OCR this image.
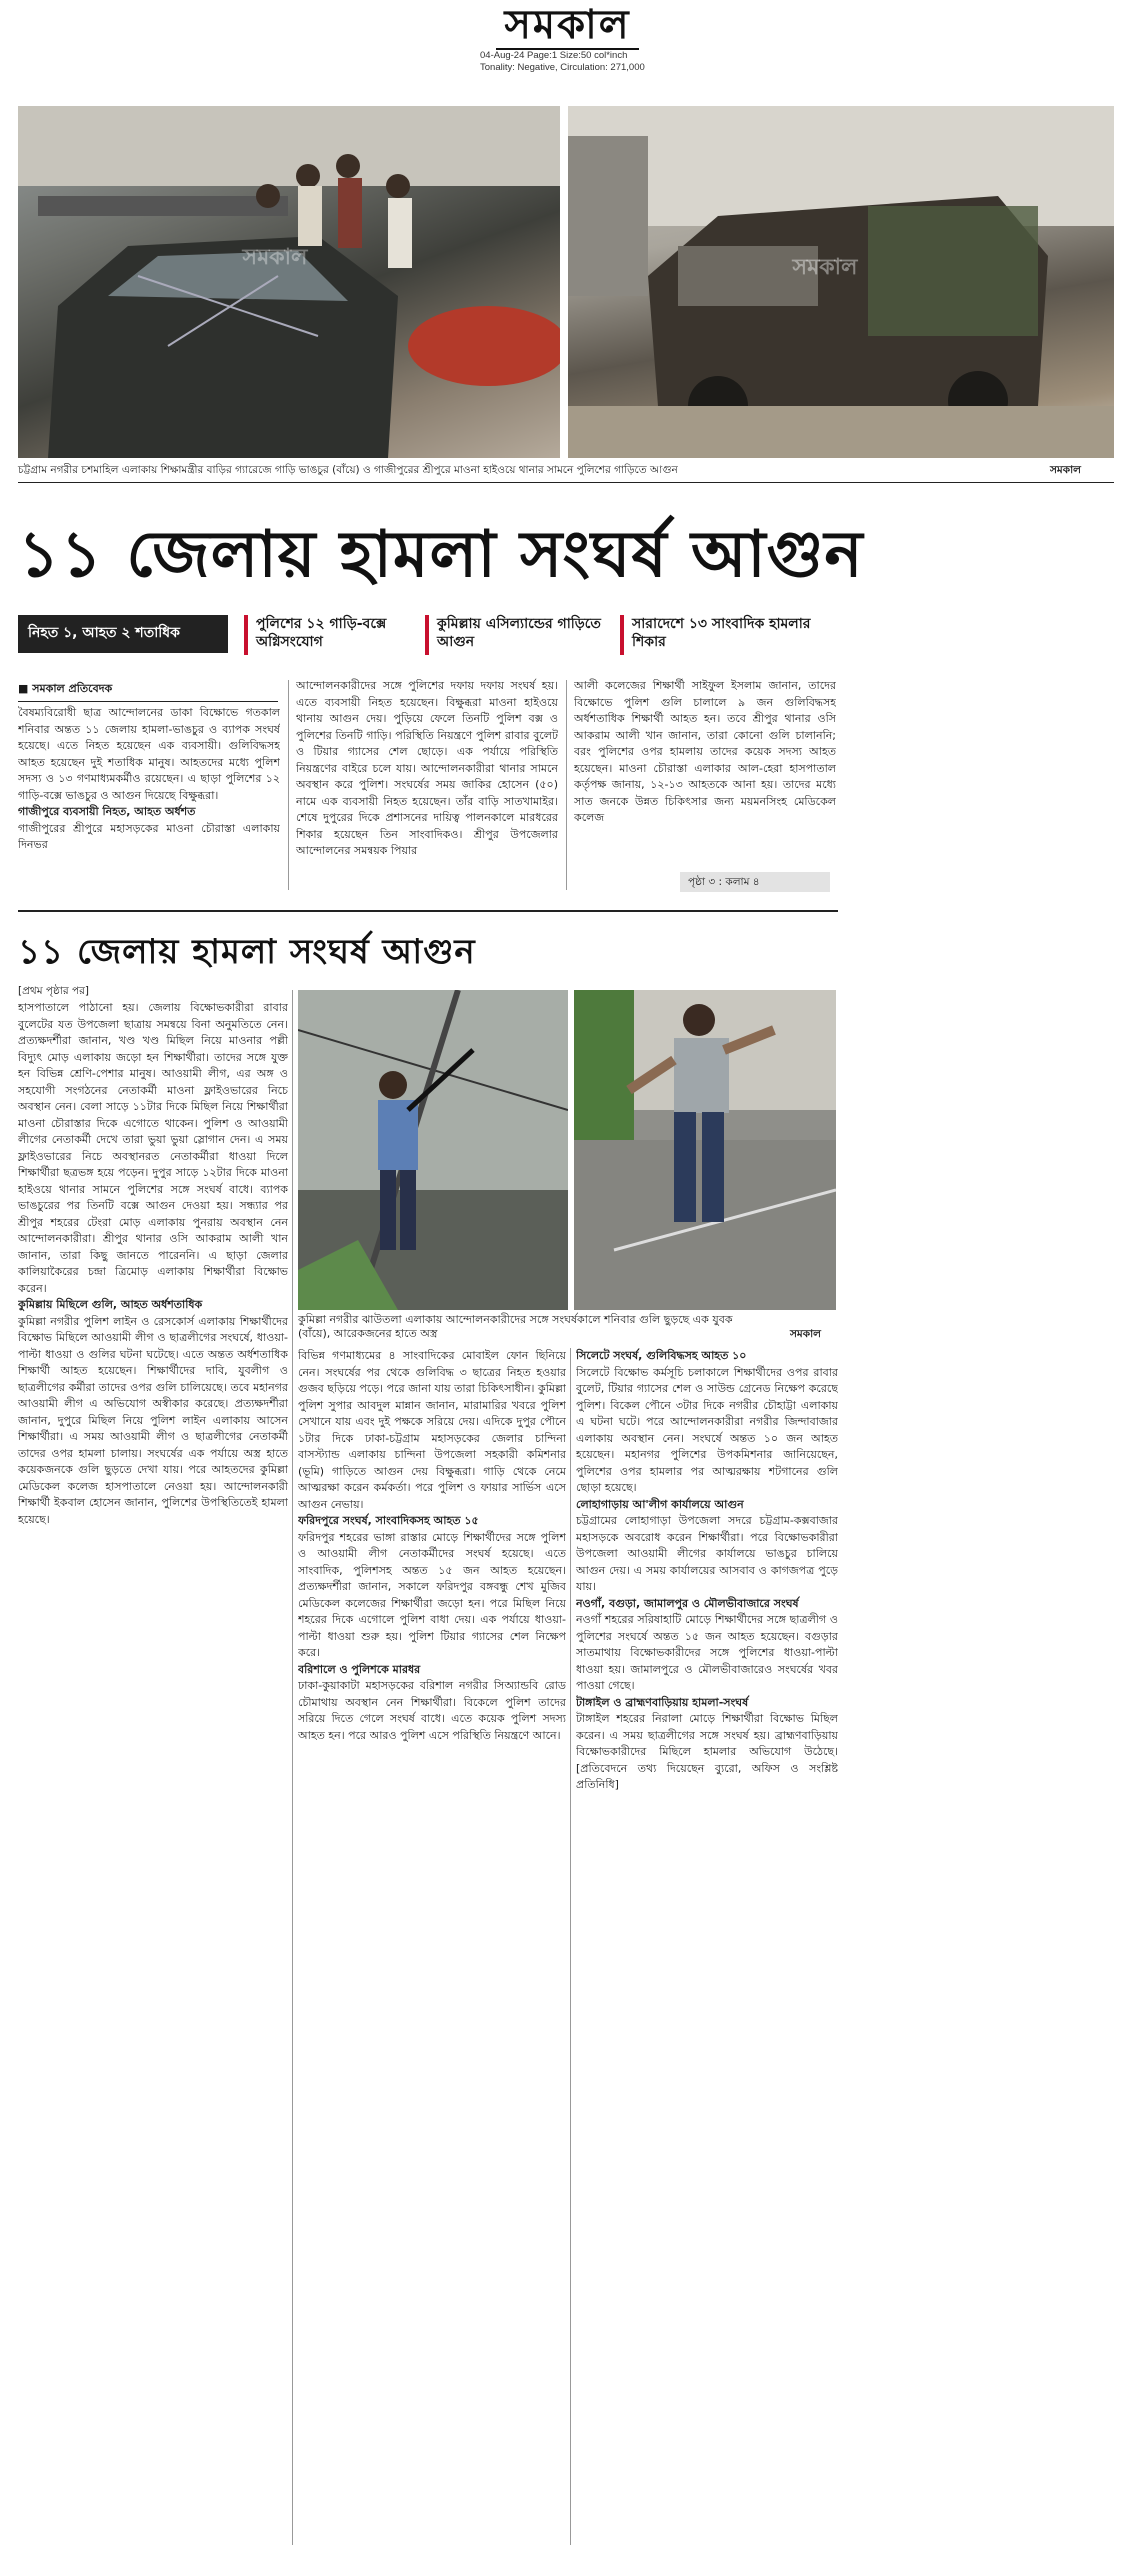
সমকাল
04-Aug-24 Page:1 Size:50 col*inch
Tonality: Negative, Circulation: 271,000
সমকাল	সমকাল
চট্টগ্রাম নগরীর চশমাহিল এলাকায় শিক্ষামন্ত্রীর বাড়ির গ্যারেজে গাড়ি ভাঙচুর (বাঁয়ে) ও গাজীপুরের শ্রীপুরে মাওনা হাইওয়ে থানার সামনে পুলিশের গাড়িতে আগুন	সমকাল
১১ জেলায় হামলা সংঘর্ষ আগুন
নিহত ১, আহত ২ শতাধিক
পুলিশের ১২ গাড়ি-বক্সে অগ্নিসংযোগ
কুমিল্লায় এসিল্যান্ডের গাড়িতে আগুন
সারাদেশে ১৩ সাংবাদিক হামলার শিকার
■ সমকাল প্রতিবেদক
বৈষম্যবিরোধী ছাত্র আন্দোলনের ডাকা বিক্ষোভে গতকাল শনিবার অন্তত ১১ জেলায় হামলা-ভাঙচুর ও ব্যাপক সংঘর্ষ হয়েছে। এতে নিহত হয়েছেন এক ব্যবসায়ী। গুলিবিদ্ধসহ আহত হয়েছেন দুই শতাধিক মানুষ। আহতদের মধ্যে পুলিশ সদস্য ও ১৩ গণমাধ্যমকর্মীও রয়েছেন। এ ছাড়া পুলিশের ১২ গাড়ি-বক্সে ভাঙচুর ও আগুন দিয়েছে বিক্ষুব্ধরা।
গাজীপুরে ব্যবসায়ী নিহত, আহত অর্ধশত
গাজীপুরের শ্রীপুরে মহাসড়কের মাওনা চৌরাস্তা এলাকায় দিনভর
আন্দোলনকারীদের সঙ্গে পুলিশের দফায় দফায় সংঘর্ষ হয়। এতে ব্যবসায়ী নিহত হয়েছেন। বিক্ষুব্ধরা মাওনা হাইওয়ে থানায় আগুন দেয়। পুড়িয়ে ফেলে তিনটি পুলিশ বক্স ও পুলিশের তিনটি গাড়ি। পরিস্থিতি নিয়ন্ত্রণে পুলিশ রাবার বুলেট ও টিয়ার গ্যাসের শেল ছোড়ে। এক পর্যায়ে পরিস্থিতি নিয়ন্ত্রণের বাইরে চলে যায়। আন্দোলনকারীরা থানার সামনে অবস্থান করে পুলিশ। সংঘর্ষের সময় জাকির হোসেন (৫০) নামে এক ব্যবসায়ী নিহত হয়েছেন। তাঁর বাড়ি সাতখামাইর। শেষে দুপুরের দিকে প্রশাসনের দায়িত্ব পালনকালে মারধরের শিকার হয়েছেন তিন সাংবাদিকও। শ্রীপুর উপজেলার আন্দোলনের সমন্বয়ক পিয়ার
আলী কলেজের শিক্ষার্থী সাইফুল ইসলাম জানান, তাদের বিক্ষোভে পুলিশ গুলি চালালে ৯ জন গুলিবিদ্ধসহ অর্ধশতাধিক শিক্ষার্থী আহত হন। তবে শ্রীপুর থানার ওসি আকরাম আলী খান জানান, তারা কোনো গুলি চালাননি; বরং পুলিশের ওপর হামলায় তাদের কয়েক সদস্য আহত হয়েছেন। মাওনা চৌরাস্তা এলাকার আল-হেরা হাসপাতাল কর্তৃপক্ষ জানায়, ১২-১৩ আহতকে আনা হয়। তাদের মধ্যে সাত জনকে উন্নত চিকিৎসার জন্য ময়মনসিংহ মেডিকেল কলেজ
পৃষ্ঠা ৩ : কলাম ৪
১১ জেলায় হামলা সংঘর্ষ আগুন
[প্রথম পৃষ্ঠার পর]
কুমিল্লা নগরীর ঝাউতলা এলাকায় আন্দোলনকারীদের সঙ্গে সংঘর্ষকালে শনিবার গুলি ছুড়ছে এক যুবক (বাঁয়ে), আরেকজনের হাতে অস্ত্র	সমকাল
হাসপাতালে পাঠানো হয়। জেলায় বিক্ষোভকারীরা রাবার বুলেটের যত উপজেলা ছাত্রায় সমন্বয়ে বিনা অনুমতিতে নেন। প্রত্যক্ষদর্শীরা জানান, খণ্ড খণ্ড মিছিল নিয়ে মাওনার পল্লী বিদ্যুৎ মোড় এলাকায় জড়ো হন শিক্ষার্থীরা। তাদের সঙ্গে যুক্ত হন বিভিন্ন শ্রেণি-পেশার মানুষ। আওয়ামী লীগ, এর অঙ্গ ও সহযোগী সংগঠনের নেতাকর্মী মাওনা ফ্লাইওভারের নিচে অবস্থান নেন। বেলা সাড়ে ১১টার দিকে মিছিল নিয়ে শিক্ষার্থীরা মাওনা চৌরাস্তার দিকে এগোতে থাকেন। পুলিশ ও আওয়ামী লীগের নেতাকর্মী দেখে তারা ভুয়া ভুয়া স্লোগান দেন। এ সময় ফ্লাইওভারের নিচে অবস্থানরত নেতাকর্মীরা ধাওয়া দিলে শিক্ষার্থীরা ছত্রভঙ্গ হয়ে পড়েন। দুপুর সাড়ে ১২টার দিকে মাওনা হাইওয়ে থানার সামনে পুলিশের সঙ্গে সংঘর্ষ বাধে। ব্যাপক ভাঙচুরের পর তিনটি বক্সে আগুন দেওয়া হয়। সন্ধ্যার পর শ্রীপুর শহরের টেংরা মোড় এলাকায় পুনরায় অবস্থান নেন আন্দোলনকারীরা। শ্রীপুর থানার ওসি আকরাম আলী খান জানান, তারা কিছু জানতে পারেননি। এ ছাড়া জেলার কালিয়াকৈরের চন্দ্রা ত্রিমোড় এলাকায় শিক্ষার্থীরা বিক্ষোভ করেন।
কুমিল্লায় মিছিলে গুলি, আহত অর্ধশতাধিক
কুমিল্লা নগরীর পুলিশ লাইন ও রেসকোর্স এলাকায় শিক্ষার্থীদের বিক্ষোভ মিছিলে আওয়ামী লীগ ও ছাত্রলীগের সংঘর্ষে, ধাওয়া-পাল্টা ধাওয়া ও গুলির ঘটনা ঘটেছে। এতে অন্তত অর্ধশতাধিক শিক্ষার্থী আহত হয়েছেন। শিক্ষার্থীদের দাবি, যুবলীগ ও ছাত্রলীগের কর্মীরা তাদের ওপর গুলি চালিয়েছে। তবে মহানগর আওয়ামী লীগ এ অভিযোগ অস্বীকার করেছে। প্রত্যক্ষদর্শীরা জানান, দুপুরে মিছিল নিয়ে পুলিশ লাইন এলাকায় আসেন শিক্ষার্থীরা। এ সময় আওয়ামী লীগ ও ছাত্রলীগের নেতাকর্মী তাদের ওপর হামলা চালায়। সংঘর্ষের এক পর্যায়ে অস্ত্র হাতে কয়েকজনকে গুলি ছুড়তে দেখা যায়। পরে আহতদের কুমিল্লা মেডিকেল কলেজ হাসপাতালে নেওয়া হয়। আন্দোলনকারী শিক্ষার্থী ইকবাল হোসেন জানান, পুলিশের উপস্থিতিতেই হামলা হয়েছে।
বিভিন্ন গণমাধ্যমের ৪ সাংবাদিকের মোবাইল ফোন ছিনিয়ে নেন। সংঘর্ষের পর থেকে গুলিবিদ্ধ ৩ ছাত্রের নিহত হওয়ার গুজব ছড়িয়ে পড়ে। পরে জানা যায় তারা চিকিৎসাধীন। কুমিল্লা পুলিশ সুপার আবদুল মান্নান জানান, মারামারির খবরে পুলিশ সেখানে যায় এবং দুই পক্ষকে সরিয়ে দেয়। এদিকে দুপুর পৌনে ১টার দিকে ঢাকা-চট্টগ্রাম মহাসড়কের জেলার চান্দিনা বাসস্ট্যান্ড এলাকায় চান্দিনা উপজেলা সহকারী কমিশনার (ভূমি) গাড়িতে আগুন দেয় বিক্ষুব্ধরা। গাড়ি থেকে নেমে আত্মরক্ষা করেন কর্মকর্তা। পরে পুলিশ ও ফায়ার সার্ভিস এসে আগুন নেভায়।
ফরিদপুরে সংঘর্ষ, সাংবাদিকসহ আহত ১৫
ফরিদপুর শহরের ভাঙ্গা রাস্তার মোড়ে শিক্ষার্থীদের সঙ্গে পুলিশ ও আওয়ামী লীগ নেতাকর্মীদের সংঘর্ষ হয়েছে। এতে সাংবাদিক, পুলিশসহ অন্তত ১৫ জন আহত হয়েছেন। প্রত্যক্ষদর্শীরা জানান, সকালে ফরিদপুর বঙ্গবন্ধু শেখ মুজিব মেডিকেল কলেজের শিক্ষার্থীরা জড়ো হন। পরে মিছিল নিয়ে শহরের দিকে এগোলে পুলিশ বাধা দেয়। এক পর্যায়ে ধাওয়া-পাল্টা ধাওয়া শুরু হয়। পুলিশ টিয়ার গ্যাসের শেল নিক্ষেপ করে।
বরিশালে ও পুলিশকে মারধর
ঢাকা-কুয়াকাটা মহাসড়কের বরিশাল নগরীর সিঅ্যান্ডবি রোড চৌমাথায় অবস্থান নেন শিক্ষার্থীরা। বিকেলে পুলিশ তাদের সরিয়ে দিতে গেলে সংঘর্ষ বাধে। এতে কয়েক পুলিশ সদস্য আহত হন। পরে আরও পুলিশ এসে পরিস্থিতি নিয়ন্ত্রণে আনে।
সিলেটে সংঘর্ষ, গুলিবিদ্ধসহ আহত ১০
সিলেটে বিক্ষোভ কর্মসূচি চলাকালে শিক্ষার্থীদের ওপর রাবার বুলেট, টিয়ার গ্যাসের শেল ও সাউন্ড গ্রেনেড নিক্ষেপ করেছে পুলিশ। বিকেল পৌনে ৩টার দিকে নগরীর চৌহাট্টা এলাকায় এ ঘটনা ঘটে। পরে আন্দোলনকারীরা নগরীর জিন্দাবাজার এলাকায় অবস্থান নেন। সংঘর্ষে অন্তত ১০ জন আহত হয়েছেন। মহানগর পুলিশের উপকমিশনার জানিয়েছেন, পুলিশের ওপর হামলার পর আত্মরক্ষায় শটগানের গুলি ছোড়া হয়েছে।
লোহাগাড়ায় আ'লীগ কার্যালয়ে আগুন
চট্টগ্রামের লোহাগাড়া উপজেলা সদরে চট্টগ্রাম-কক্সবাজার মহাসড়কে অবরোধ করেন শিক্ষার্থীরা। পরে বিক্ষোভকারীরা উপজেলা আওয়ামী লীগের কার্যালয়ে ভাঙচুর চালিয়ে আগুন দেয়। এ সময় কার্যালয়ের আসবাব ও কাগজপত্র পুড়ে যায়।
নওগাঁ, বগুড়া, জামালপুর ও মৌলভীবাজারে সংঘর্ষ
নওগাঁ শহরের সরিষাহাটি মোড়ে শিক্ষার্থীদের সঙ্গে ছাত্রলীগ ও পুলিশের সংঘর্ষে অন্তত ১৫ জন আহত হয়েছেন। বগুড়ার সাতমাথায় বিক্ষোভকারীদের সঙ্গে পুলিশের ধাওয়া-পাল্টা ধাওয়া হয়। জামালপুরে ও মৌলভীবাজারেও সংঘর্ষের খবর পাওয়া গেছে।
টাঙ্গাইল ও ব্রাহ্মণবাড়িয়ায় হামলা-সংঘর্ষ
টাঙ্গাইল শহরের নিরালা মোড়ে শিক্ষার্থীরা বিক্ষোভ মিছিল করেন। এ সময় ছাত্রলীগের সঙ্গে সংঘর্ষ হয়। ব্রাহ্মণবাড়িয়ায় বিক্ষোভকারীদের মিছিলে হামলার অভিযোগ উঠেছে। [প্রতিবেদনে তথ্য দিয়েছেন ব্যুরো, অফিস ও সংশ্লিষ্ট প্রতিনিধি]
